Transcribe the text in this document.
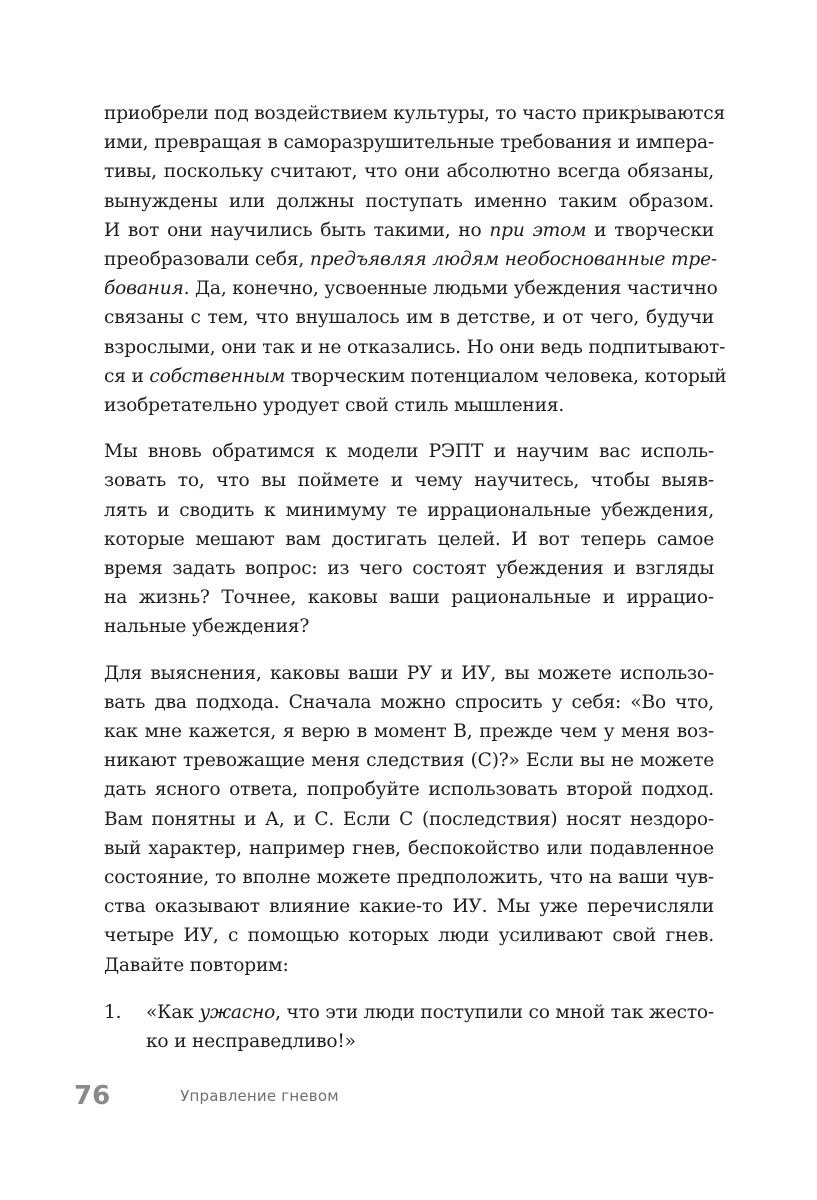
приобрели под воздействием культуры, то часто прикрываются
ими, превращая в саморазрушительные требования и импера-
тивы, поскольку считают, что они абсолютно всегда обязаны,
вынуждены или должны поступать именно таким образом.
И вот они научились быть такими, но при этом и творчески
преобразовали себя, предъявляя людям необоснованные тре-
бования. Да, конечно, усвоенные людьми убеждения частично
связаны с тем, что внушалось им в детстве, и от чего, будучи
взрослыми, они так и не отказались. Но они ведь подпитывают-
ся и собственным творческим потенциалом человека, который
изобретательно уродует свой стиль мышления.

Мы вновь обратимся к модели РЭПТ и научим вас исполь-
зовать то, что вы поймете и чему научитесь, чтобы выяв-
лять и сводить к минимуму те иррациональные убеждения,
которые мешают вам достигать целей. И вот теперь самое
время задать вопрос: из чего состоят убеждения и взгляды
на жизнь? Точнее, каковы ваши рациональные и иррацио-
нальные убеждения?

Для выяснения, каковы ваши РУ и ИУ, вы можете использо-
вать два подхода. Сначала можно спросить у себя: «Во что,
как мне кажется, я верю в момент В, прежде чем у меня воз-
никают тревожащие меня следствия (С)?» Если вы не можете
дать ясного ответа, попробуйте использовать второй подход.
Вам понятны и А, и С. Если С (последствия) носят нездоро-
вый характер, например гнев, беспокойство или подавленное
состояние, то вполне можете предположить, что на ваши чув-
ства оказывают влияние какие-то ИУ. Мы уже перечисляли
четыре ИУ, с помощью которых люди усиливают свой гнев.
Давайте повторим:

1. «Как ужасно, что эти люди поступили со мной так жесто-
ко и несправедливо!»
76	Управление гневом
